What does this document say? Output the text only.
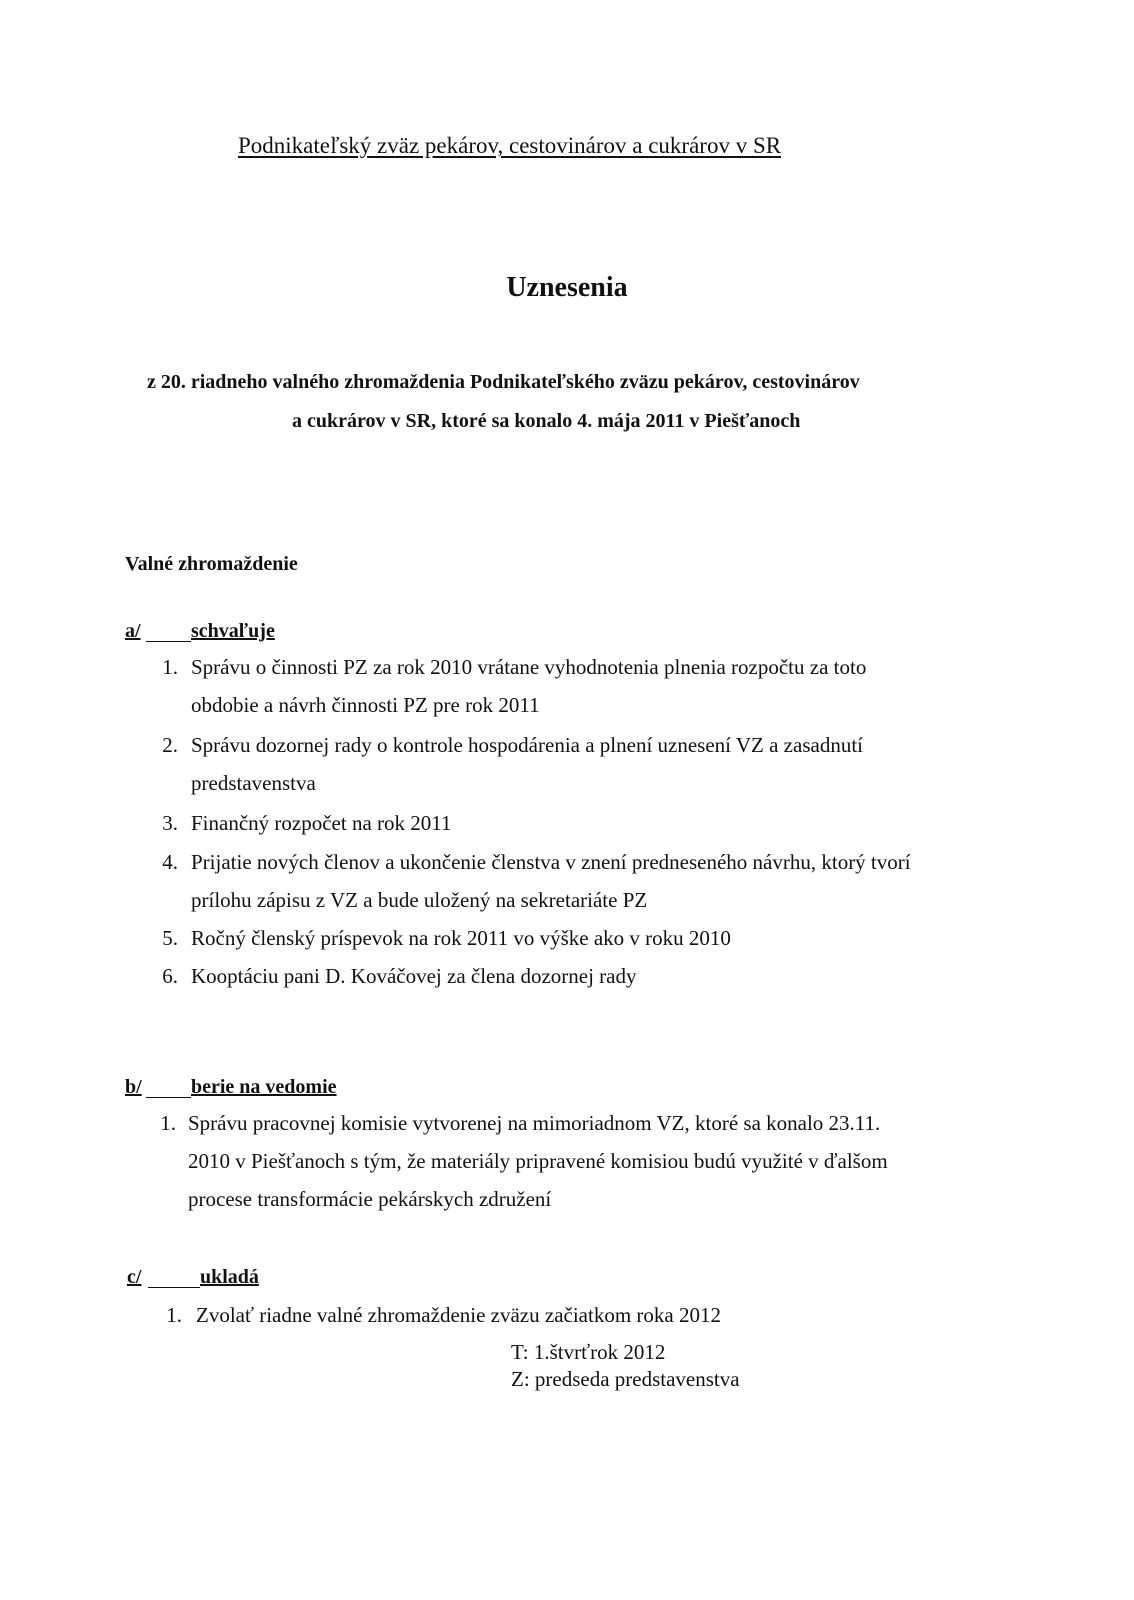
Podnikateľský zväz pekárov, cestovinárov a cukrárov v SR
Uznesenia
z 20. riadneho valného zhromaždenia Podnikateľského zväzu pekárov, cestovinárov
a cukrárov v SR, ktoré sa konalo 4. mája 2011 v Piešťanoch
Valné zhromaždenie
a/	schvaľuje
1. Správu o činnosti PZ za rok 2010 vrátane vyhodnotenia plnenia rozpočtu za toto
obdobie a návrh činnosti PZ pre rok 2011
2. Správu dozornej rady o kontrole hospodárenia a plnení uznesení VZ a zasadnutí
predstavenstva
3. Finančný rozpočet na rok 2011
4. Prijatie nových členov a ukončenie členstva v znení predneseného návrhu, ktorý tvorí
prílohu zápisu z VZ a bude uložený na sekretariáte PZ
5. Ročný členský príspevok na rok 2011 vo výške ako v roku 2010
6. Kooptáciu pani D. Kováčovej za člena dozornej rady
b/ berie na vedomie
1. Správu pracovnej komisie vytvorenej na mimoriadnom VZ, ktoré sa konalo 23.11.
2010 v Piešťanoch s tým, že materiály pripravené komisiou budú využité v ďalšom
procese transformácie pekárskych združení
c/	ukladá
1. Zvolať riadne valné zhromaždenie zväzu začiatkom roka 2012
T: 1.štvrťrok 2012
Z: predseda predstavenstva
